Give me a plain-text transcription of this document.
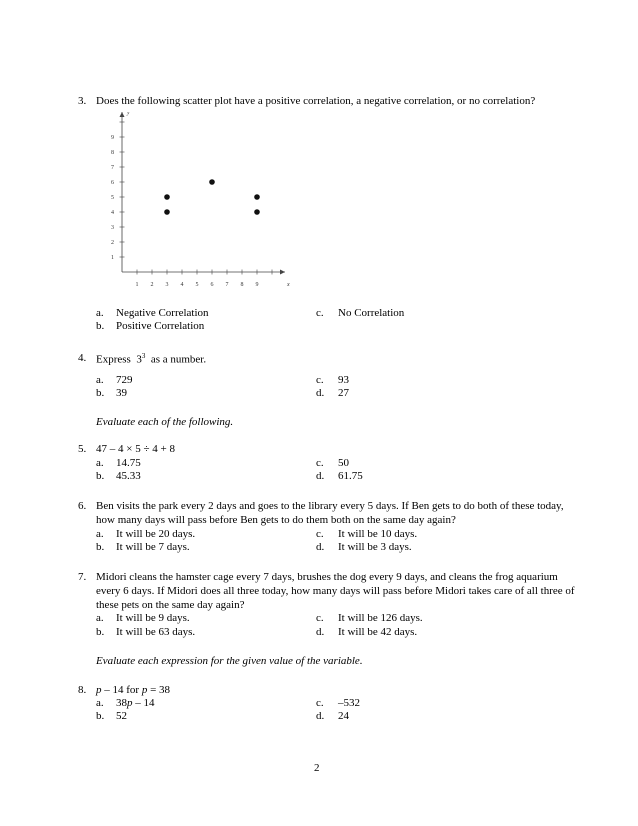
3. Does the following scatter plot have a positive correlation, a negative correlation, or no correlation?
x
y
1 2 3 4 5 6 7 8 9
1
2
3
4
5
6
7
8
9
a. Negative Correlation
b. Positive Correlation
c. No Correlation
4. Express $3^3$ as a number.
a. 729
b. 39
c. 93
d. 27
Evaluate each of the following.
5. 47 – 4 × 5 ÷ 4 + 8
a. 14.75
b. 45.33
c. 50
d. 61.75
6. Ben visits the park every 2 days and goes to the library every 5 days. If Ben gets to do both of these today,
how many days will pass before Ben gets to do them both on the same day again?
a. It will be 20 days.
b. It will be 7 days.
c. It will be 10 days.
d. It will be 3 days.
7. Midori cleans the hamster cage every 7 days, brushes the dog every 9 days, and cleans the frog aquarium
every 6 days. If Midori does all three today, how many days will pass before Midori takes care of all three of
these pets on the same day again?
a. It will be 9 days.
b. It will be 63 days.
c. It will be 126 days.
d. It will be 42 days.
Evaluate each expression for the given value of the variable.
8. p – 14 for p = 38
a. 38p – 14
b. 52
c. –532
d. 24
2
